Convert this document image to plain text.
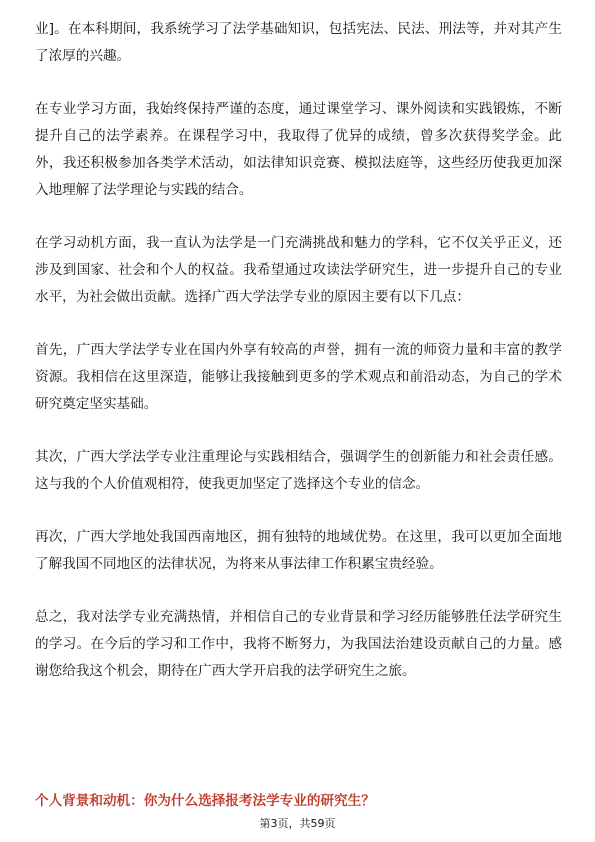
业]。在本科期间，我系统学习了法学基础知识，包括宪法、民法、刑法等，并对其产生了浓厚的兴趣。

在专业学习方面，我始终保持严谨的态度，通过课堂学习、课外阅读和实践锻炼，不断提升自己的法学素养。在课程学习中，我取得了优异的成绩，曾多次获得奖学金。此外，我还积极参加各类学术活动，如法律知识竞赛、模拟法庭等，这些经历使我更加深入地理解了法学理论与实践的结合。

在学习动机方面，我一直认为法学是一门充满挑战和魅力的学科，它不仅关乎正义，还涉及到国家、社会和个人的权益。我希望通过攻读法学研究生，进一步提升自己的专业水平，为社会做出贡献。选择广西大学法学专业的原因主要有以下几点：

首先，广西大学法学专业在国内外享有较高的声誉，拥有一流的师资力量和丰富的教学资源。我相信在这里深造，能够让我接触到更多的学术观点和前沿动态，为自己的学术研究奠定坚实基础。

其次，广西大学法学专业注重理论与实践相结合，强调学生的创新能力和社会责任感。这与我的个人价值观相符，使我更加坚定了选择这个专业的信念。

再次，广西大学地处我国西南地区，拥有独特的地域优势。在这里，我可以更加全面地了解我国不同地区的法律状况，为将来从事法律工作积累宝贵经验。

总之，我对法学专业充满热情，并相信自己的专业背景和学习经历能够胜任法学研究生的学习。在今后的学习和工作中，我将不断努力，为我国法治建设贡献自己的力量。感谢您给我这个机会，期待在广西大学开启我的法学研究生之旅。

个人背景和动机：你为什么选择报考法学专业的研究生？
第3页，共59页
